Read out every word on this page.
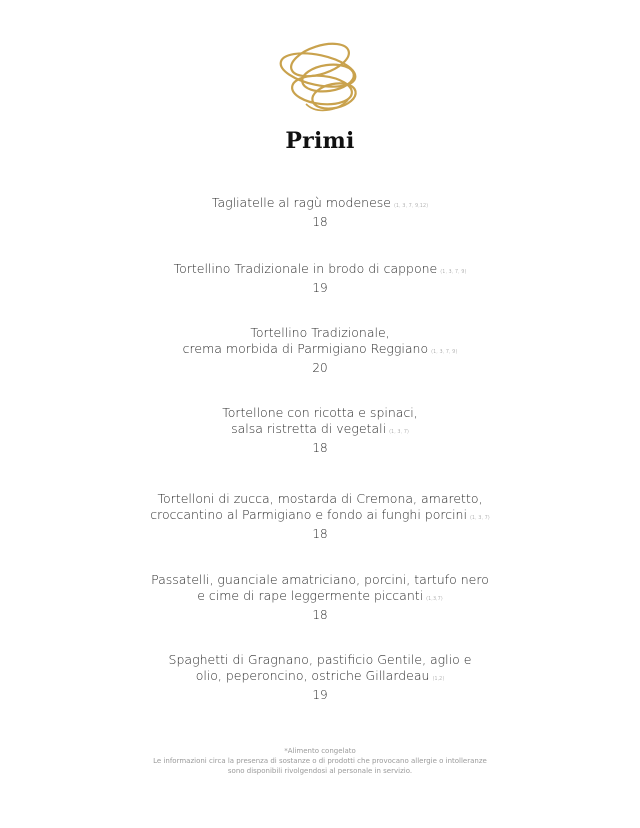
Primi
Tagliatelle al ragù modenese (1, 3, 7, 9,12)
18
Tortellino Tradizionale in brodo di cappone (1, 3, 7, 9)
19
Tortellino Tradizionale,
crema morbida di Parmigiano Reggiano (1, 3, 7, 9)
20
Tortellone con ricotta e spinaci,
salsa ristretta di vegetali (1, 3, 7)
18
Tortelloni di zucca, mostarda di Cremona, amaretto,
croccantino al Parmigiano e fondo ai funghi porcini (1, 3, 7)
18
Passatelli, guanciale amatriciano, porcini, tartufo nero
e cime di rape leggermente piccanti (1,3,7)
18
Spaghetti di Gragnano, pastificio Gentile, aglio e
olio, peperoncino, ostriche Gillardeau (1,2)
19
*Alimento congelato
Le informazioni circa la presenza di sostanze o di prodotti che provocano allergie o intolleranze
sono disponibili rivolgendosi al personale in servizio.
